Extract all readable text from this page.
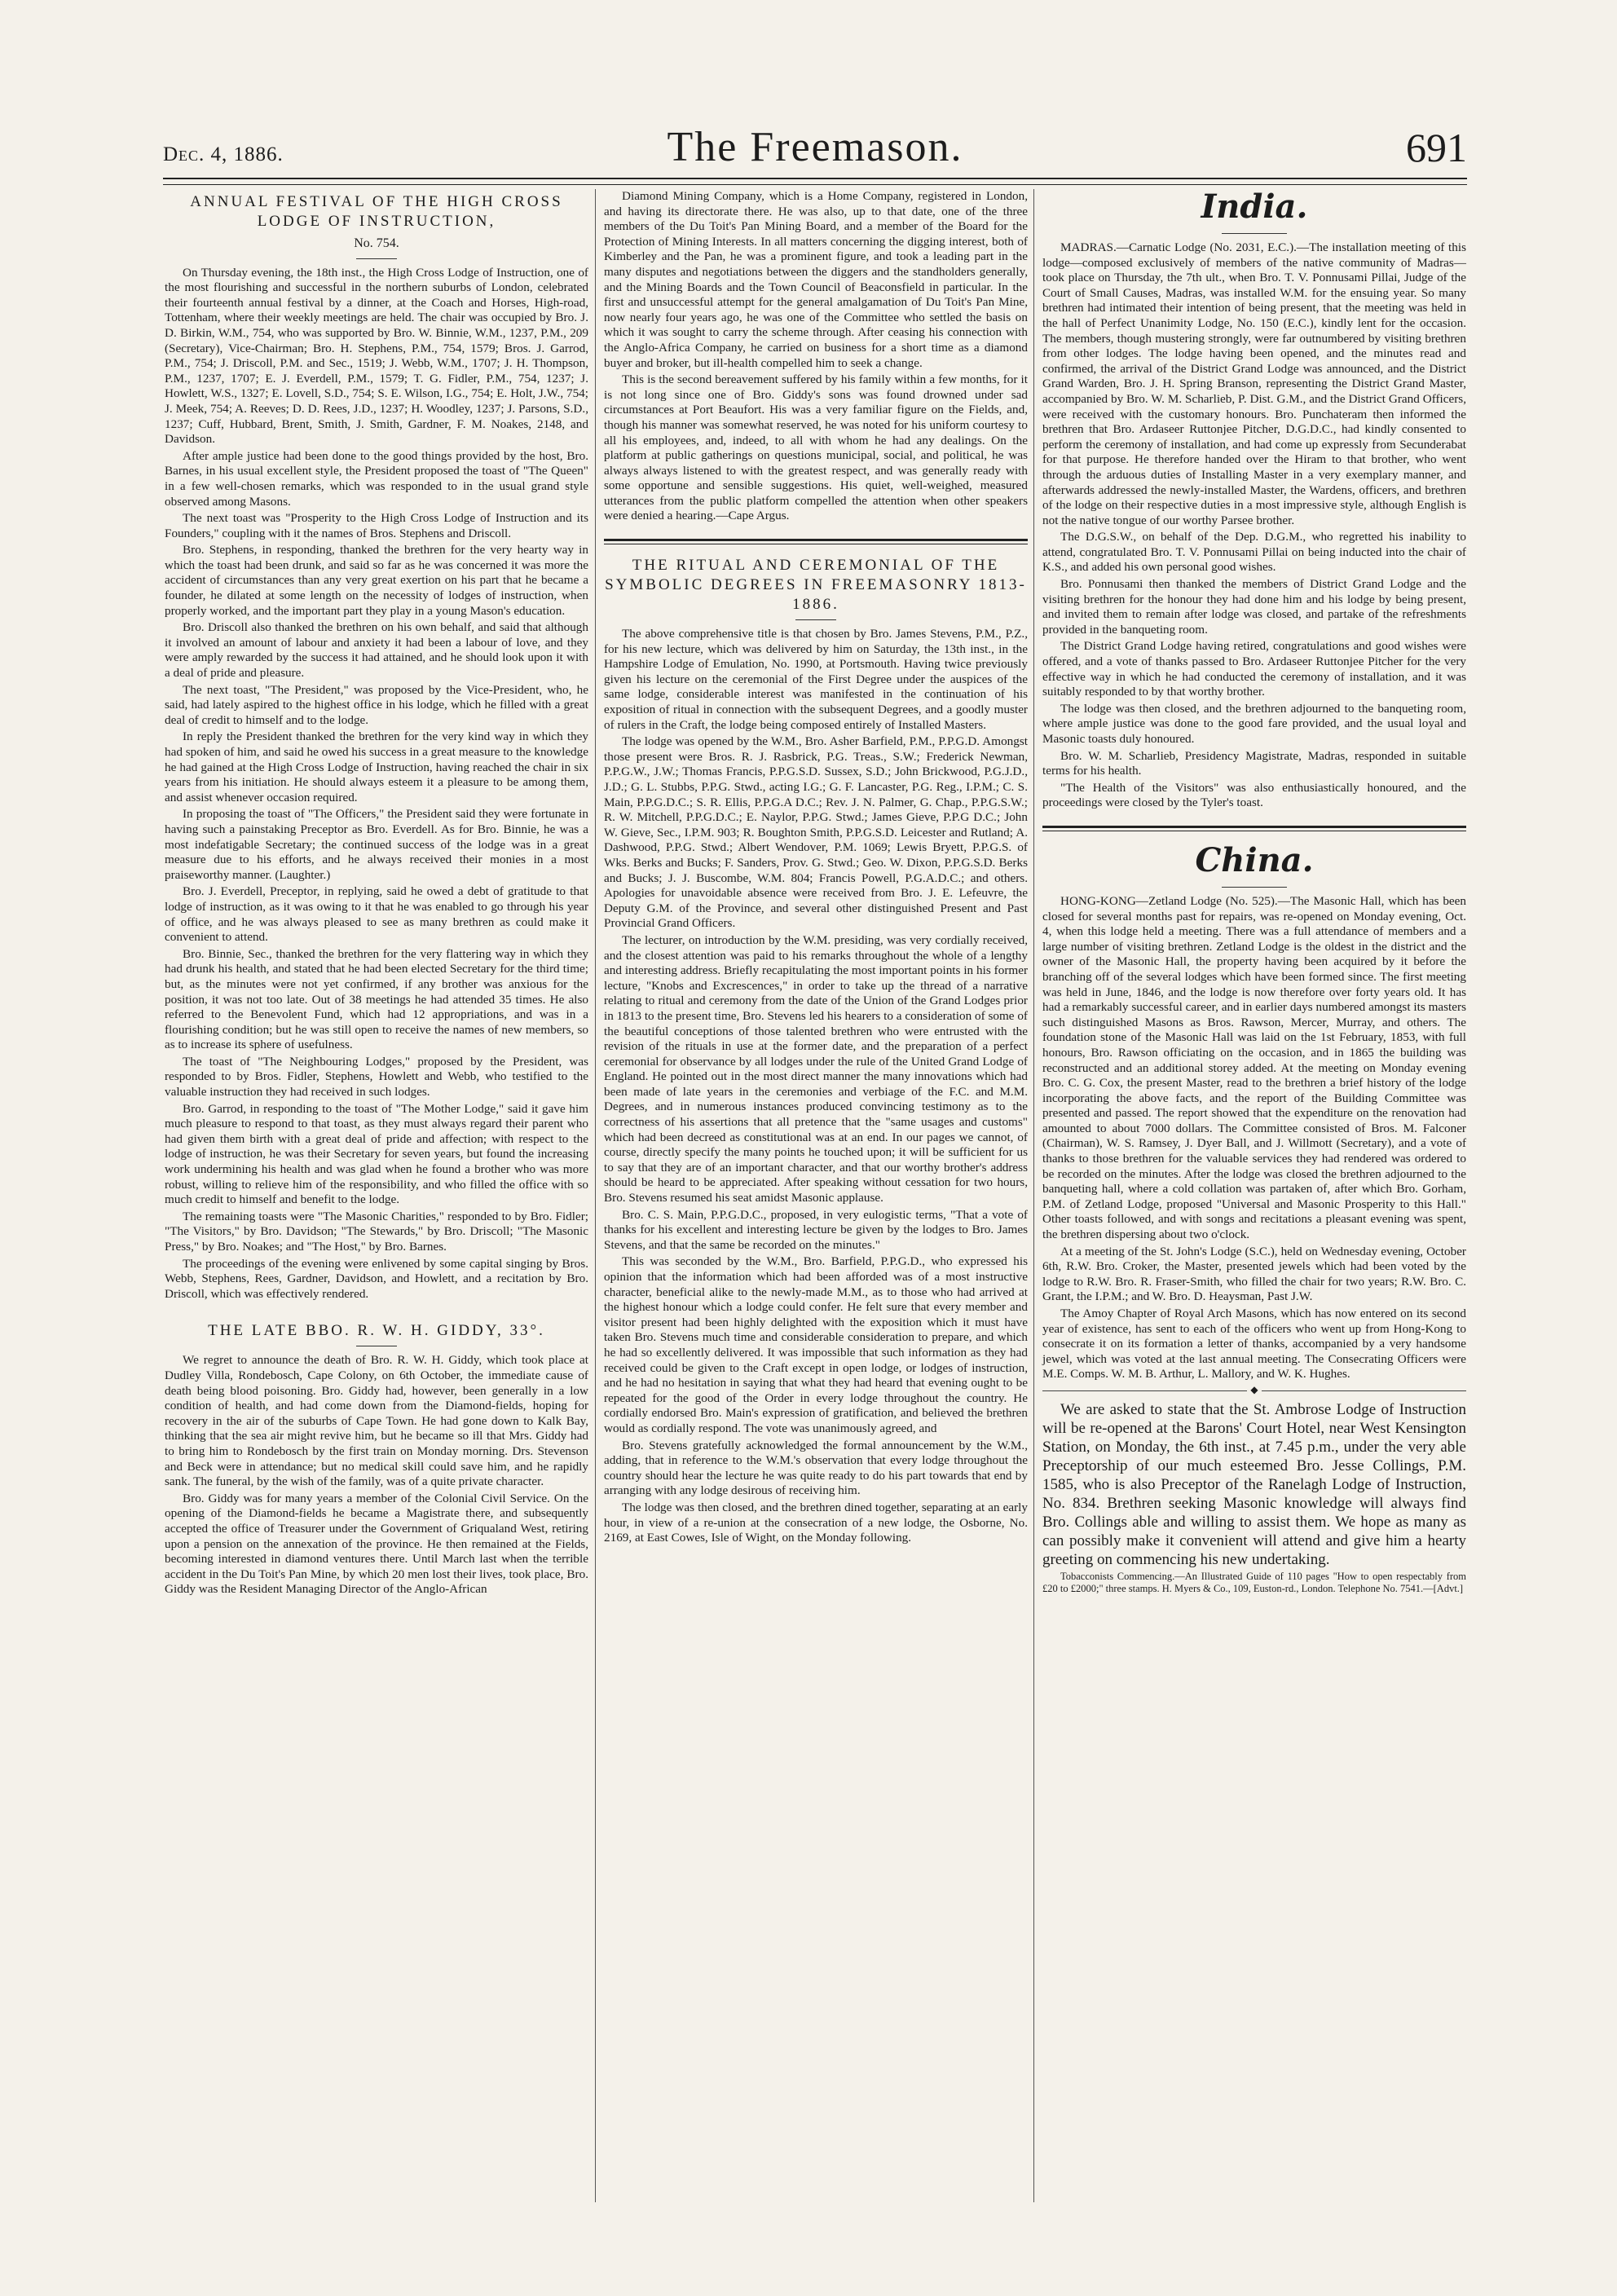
Dec. 4, 1886.	The Freemason.	691
ANNUAL FESTIVAL OF THE HIGH CROSS LODGE OF INSTRUCTION,
No. 754.

On Thursday evening, the 18th inst., the High Cross Lodge of Instruction, one of the most flourishing and successful in the northern suburbs of London, celebrated their fourteenth annual festival by a dinner, at the Coach and Horses, High-road, Tottenham, where their weekly meetings are held. The chair was occupied by Bro. J. D. Birkin, W.M., 754, who was supported by Bro. W. Binnie, W.M., 1237, P.M., 209 (Secretary), Vice-Chairman; Bro. H. Stephens, P.M., 754, 1579; Bros. J. Garrod, P.M., 754; J. Driscoll, P.M. and Sec., 1519; J. Webb, W.M., 1707; J. H. Thompson, P.M., 1237, 1707; E. J. Everdell, P.M., 1579; T. G. Fidler, P.M., 754, 1237; J. Howlett, W.S., 1327; E. Lovell, S.D., 754; S. E. Wilson, I.G., 754; E. Holt, J.W., 754; J. Meek, 754; A. Reeves; D. D. Rees, J.D., 1237; H. Woodley, 1237; J. Parsons, S.D., 1237; Cuff, Hubbard, Brent, Smith, J. Smith, Gardner, F. M. Noakes, 2148, and Davidson.

After ample justice had been done to the good things provided by the host, Bro. Barnes, in his usual excellent style, the President proposed the toast of "The Queen" in a few well-chosen remarks, which was responded to in the usual grand style observed among Masons.

The next toast was "Prosperity to the High Cross Lodge of Instruction and its Founders," coupling with it the names of Bros. Stephens and Driscoll.

Bro. Stephens, in responding, thanked the brethren for the very hearty way in which the toast had been drunk, and said so far as he was concerned it was more the accident of circumstances than any very great exertion on his part that he became a founder, he dilated at some length on the necessity of lodges of instruction, when properly worked, and the important part they play in a young Mason's education.

Bro. Driscoll also thanked the brethren on his own behalf, and said that although it involved an amount of labour and anxiety it had been a labour of love, and they were amply rewarded by the success it had attained, and he should look upon it with a deal of pride and pleasure.

The next toast, "The President," was proposed by the Vice-President, who, he said, had lately aspired to the highest office in his lodge, which he filled with a great deal of credit to himself and to the lodge.

In reply the President thanked the brethren for the very kind way in which they had spoken of him, and said he owed his success in a great measure to the knowledge he had gained at the High Cross Lodge of Instruction, having reached the chair in six years from his initiation. He should always esteem it a pleasure to be among them, and assist whenever occasion required.

In proposing the toast of "The Officers," the President said they were fortunate in having such a painstaking Preceptor as Bro. Everdell. As for Bro. Binnie, he was a most indefatigable Secretary; the continued success of the lodge was in a great measure due to his efforts, and he always received their monies in a most praiseworthy manner. (Laughter.)

Bro. J. Everdell, Preceptor, in replying, said he owed a debt of gratitude to that lodge of instruction, as it was owing to it that he was enabled to go through his year of office, and he was always pleased to see as many brethren as could make it convenient to attend.

Bro. Binnie, Sec., thanked the brethren for the very flattering way in which they had drunk his health, and stated that he had been elected Secretary for the third time; but, as the minutes were not yet confirmed, if any brother was anxious for the position, it was not too late. Out of 38 meetings he had attended 35 times. He also referred to the Benevolent Fund, which had 12 appropriations, and was in a flourishing condition; but he was still open to receive the names of new members, so as to increase its sphere of usefulness.

The toast of "The Neighbouring Lodges," proposed by the President, was responded to by Bros. Fidler, Stephens, Howlett and Webb, who testified to the valuable instruction they had received in such lodges.

Bro. Garrod, in responding to the toast of "The Mother Lodge," said it gave him much pleasure to respond to that toast, as they must always regard their parent who had given them birth with a great deal of pride and affection; with respect to the lodge of instruction, he was their Secretary for seven years, but found the increasing work undermining his health and was glad when he found a brother who was more robust, willing to relieve him of the responsibility, and who filled the office with so much credit to himself and benefit to the lodge.

The remaining toasts were "The Masonic Charities," responded to by Bro. Fidler; "The Visitors," by Bro. Davidson; "The Stewards," by Bro. Driscoll; "The Masonic Press," by Bro. Noakes; and "The Host," by Bro. Barnes.

The proceedings of the evening were enlivened by some capital singing by Bros. Webb, Stephens, Rees, Gardner, Davidson, and Howlett, and a recitation by Bro. Driscoll, which was effectively rendered.

THE LATE BBO. R. W. H. GIDDY, 33°.

We regret to announce the death of Bro. R. W. H. Giddy, which took place at Dudley Villa, Rondebosch, Cape Colony, on 6th October, the immediate cause of death being blood poisoning. Bro. Giddy had, however, been generally in a low condition of health, and had come down from the Diamond-fields, hoping for recovery in the air of the suburbs of Cape Town. He had gone down to Kalk Bay, thinking that the sea air might revive him, but he became so ill that Mrs. Giddy had to bring him to Rondebosch by the first train on Monday morning. Drs. Stevenson and Beck were in attendance; but no medical skill could save him, and he rapidly sank. The funeral, by the wish of the family, was of a quite private character.

Bro. Giddy was for many years a member of the Colonial Civil Service. On the opening of the Diamond-fields he became a Magistrate there, and subsequently accepted the office of Treasurer under the Government of Griqualand West, retiring upon a pension on the annexation of the province. He then remained at the Fields, becoming interested in diamond ventures there. Until March last when the terrible accident in the Du Toit's Pan Mine, by which 20 men lost their lives, took place, Bro. Giddy was the Resident Managing Director of the Anglo-African

Diamond Mining Company, which is a Home Company, registered in London, and having its directorate there. He was also, up to that date, one of the three members of the Du Toit's Pan Mining Board, and a member of the Board for the Protection of Mining Interests. In all matters concerning the digging interest, both of Kimberley and the Pan, he was a prominent figure, and took a leading part in the many disputes and negotiations between the diggers and the standholders generally, and the Mining Boards and the Town Council of Beaconsfield in particular. In the first and unsuccessful attempt for the general amalgamation of Du Toit's Pan Mine, now nearly four years ago, he was one of the Committee who settled the basis on which it was sought to carry the scheme through. After ceasing his connection with the Anglo-Africa Company, he carried on business for a short time as a diamond buyer and broker, but ill-health compelled him to seek a change.

This is the second bereavement suffered by his family within a few months, for it is not long since one of Bro. Giddy's sons was found drowned under sad circumstances at Port Beaufort. His was a very familiar figure on the Fields, and, though his manner was somewhat reserved, he was noted for his uniform courtesy to all his employees, and, indeed, to all with whom he had any dealings. On the platform at public gatherings on questions municipal, social, and political, he was always always listened to with the greatest respect, and was generally ready with some opportune and sensible suggestions. His quiet, well-weighed, measured utterances from the public platform compelled the attention when other speakers were denied a hearing.—Cape Argus.

THE RITUAL AND CEREMONIAL OF THE SYMBOLIC DEGREES IN FREEMASONRY 1813-1886.

The above comprehensive title is that chosen by Bro. James Stevens, P.M., P.Z., for his new lecture, which was delivered by him on Saturday, the 13th inst., in the Hampshire Lodge of Emulation, No. 1990, at Portsmouth. Having twice previously given his lecture on the ceremonial of the First Degree under the auspices of the same lodge, considerable interest was manifested in the continuation of his exposition of ritual in connection with the subsequent Degrees, and a goodly muster of rulers in the Craft, the lodge being composed entirely of Installed Masters.

The lodge was opened by the W.M., Bro. Asher Barfield, P.M., P.P.G.D. Amongst those present were Bros. R. J. Rasbrick, P.G. Treas., S.W.; Frederick Newman, P.P.G.W., J.W.; Thomas Francis, P.P.G.S.D. Sussex, S.D.; John Brickwood, P.G.J.D., J.D.; G. L. Stubbs, P.P.G. Stwd., acting I.G.; G. F. Lancaster, P.G. Reg., I.P.M.; C. S. Main, P.P.G.D.C.; S. R. Ellis, P.P.G.A D.C.; Rev. J. N. Palmer, G. Chap., P.P.G.S.W.; R. W. Mitchell, P.P.G.D.C.; E. Naylor, P.P.G. Stwd.; James Gieve, P.P.G D.C.; John W. Gieve, Sec., I.P.M. 903; R. Boughton Smith, P.P.G.S.D. Leicester and Rutland; A. Dashwood, P.P.G. Stwd.; Albert Wendover, P.M. 1069; Lewis Bryett, P.P.G.S. of Wks. Berks and Bucks; F. Sanders, Prov. G. Stwd.; Geo. W. Dixon, P.P.G.S.D. Berks and Bucks; J. J. Buscombe, W.M. 804; Francis Powell, P.G.A.D.C.; and others. Apologies for unavoidable absence were received from Bro. J. E. Lefeuvre, the Deputy G.M. of the Province, and several other distinguished Present and Past Provincial Grand Officers.

The lecturer, on introduction by the W.M. presiding, was very cordially received, and the closest attention was paid to his remarks throughout the whole of a lengthy and interesting address. Briefly recapitulating the most important points in his former lecture, "Knobs and Excrescences," in order to take up the thread of a narrative relating to ritual and ceremony from the date of the Union of the Grand Lodges prior in 1813 to the present time, Bro. Stevens led his hearers to a consideration of some of the beautiful conceptions of those talented brethren who were entrusted with the revision of the rituals in use at the former date, and the preparation of a perfect ceremonial for observance by all lodges under the rule of the United Grand Lodge of England. He pointed out in the most direct manner the many innovations which had been made of late years in the ceremonies and verbiage of the F.C. and M.M. Degrees, and in numerous instances produced convincing testimony as to the correctness of his assertions that all pretence that the "same usages and customs" which had been decreed as constitutional was at an end. In our pages we cannot, of course, directly specify the many points he touched upon; it will be sufficient for us to say that they are of an important character, and that our worthy brother's address should be heard to be appreciated. After speaking without cessation for two hours, Bro. Stevens resumed his seat amidst Masonic applause.

Bro. C. S. Main, P.P.G.D.C., proposed, in very eulogistic terms, "That a vote of thanks for his excellent and interesting lecture be given by the lodges to Bro. James Stevens, and that the same be recorded on the minutes."

This was seconded by the W.M., Bro. Barfield, P.P.G.D., who expressed his opinion that the information which had been afforded was of a most instructive character, beneficial alike to the newly-made M.M., as to those who had arrived at the highest honour which a lodge could confer. He felt sure that every member and visitor present had been highly delighted with the exposition which it must have taken Bro. Stevens much time and considerable consideration to prepare, and which he had so excellently delivered. It was impossible that such information as they had received could be given to the Craft except in open lodge, or lodges of instruction, and he had no hesitation in saying that what they had heard that evening ought to be repeated for the good of the Order in every lodge throughout the country. He cordially endorsed Bro. Main's expression of gratification, and believed the brethren would as cordially respond. The vote was unanimously agreed, and

Bro. Stevens gratefully acknowledged the formal announcement by the W.M., adding, that in reference to the W.M.'s observation that every lodge throughout the country should hear the lecture he was quite ready to do his part towards that end by arranging with any lodge desirous of receiving him.

The lodge was then closed, and the brethren dined together, separating at an early hour, in view of a re-union at the consecration of a new lodge, the Osborne, No. 2169, at East Cowes, Isle of Wight, on the Monday following.

India.

MADRAS.—Carnatic Lodge (No. 2031, E.C.).—The installation meeting of this lodge—composed exclusively of members of the native community of Madras—took place on Thursday, the 7th ult., when Bro. T. V. Ponnusami Pillai, Judge of the Court of Small Causes, Madras, was installed W.M. for the ensuing year. So many brethren had intimated their intention of being present, that the meeting was held in the hall of Perfect Unanimity Lodge, No. 150 (E.C.), kindly lent for the occasion. The members, though mustering strongly, were far outnumbered by visiting brethren from other lodges. The lodge having been opened, and the minutes read and confirmed, the arrival of the District Grand Lodge was announced, and the District Grand Warden, Bro. J. H. Spring Branson, representing the District Grand Master, accompanied by Bro. W. M. Scharlieb, P. Dist. G.M., and the District Grand Officers, were received with the customary honours. Bro. Punchateram then informed the brethren that Bro. Ardaseer Ruttonjee Pitcher, D.G.D.C., had kindly consented to perform the ceremony of installation, and had come up expressly from Secunderabat for that purpose. He therefore handed over the Hiram to that brother, who went through the arduous duties of Installing Master in a very exemplary manner, and afterwards addressed the newly-installed Master, the Wardens, officers, and brethren of the lodge on their respective duties in a most impressive style, although English is not the native tongue of our worthy Parsee brother.

The D.G.S.W., on behalf of the Dep. D.G.M., who regretted his inability to attend, congratulated Bro. T. V. Ponnusami Pillai on being inducted into the chair of K.S., and added his own personal good wishes.

Bro. Ponnusami then thanked the members of District Grand Lodge and the visiting brethren for the honour they had done him and his lodge by being present, and invited them to remain after lodge was closed, and partake of the refreshments provided in the banqueting room.

The District Grand Lodge having retired, congratulations and good wishes were offered, and a vote of thanks passed to Bro. Ardaseer Ruttonjee Pitcher for the very effective way in which he had conducted the ceremony of installation, and it was suitably responded to by that worthy brother.

The lodge was then closed, and the brethren adjourned to the banqueting room, where ample justice was done to the good fare provided, and the usual loyal and Masonic toasts duly honoured.

Bro. W. M. Scharlieb, Presidency Magistrate, Madras, responded in suitable terms for his health.

"The Health of the Visitors" was also enthusiastically honoured, and the proceedings were closed by the Tyler's toast.

China.

HONG-KONG—Zetland Lodge (No. 525).—The Masonic Hall, which has been closed for several months past for repairs, was re-opened on Monday evening, Oct. 4, when this lodge held a meeting. There was a full attendance of members and a large number of visiting brethren. Zetland Lodge is the oldest in the district and the owner of the Masonic Hall, the property having been acquired by it before the branching off of the several lodges which have been formed since. The first meeting was held in June, 1846, and the lodge is now therefore over forty years old. It has had a remarkably successful career, and in earlier days numbered amongst its masters such distinguished Masons as Bros. Rawson, Mercer, Murray, and others. The foundation stone of the Masonic Hall was laid on the 1st February, 1853, with full honours, Bro. Rawson officiating on the occasion, and in 1865 the building was reconstructed and an additional storey added. At the meeting on Monday evening Bro. C. G. Cox, the present Master, read to the brethren a brief history of the lodge incorporating the above facts, and the report of the Building Committee was presented and passed. The report showed that the expenditure on the renovation had amounted to about 7000 dollars. The Committee consisted of Bros. M. Falconer (Chairman), W. S. Ramsey, J. Dyer Ball, and J. Willmott (Secretary), and a vote of thanks to those brethren for the valuable services they had rendered was ordered to be recorded on the minutes. After the lodge was closed the brethren adjourned to the banqueting hall, where a cold collation was partaken of, after which Bro. Gorham, P.M. of Zetland Lodge, proposed "Universal and Masonic Prosperity to this Hall." Other toasts followed, and with songs and recitations a pleasant evening was spent, the brethren dispersing about two o'clock.

At a meeting of the St. John's Lodge (S.C.), held on Wednesday evening, October 6th, R.W. Bro. Croker, the Master, presented jewels which had been voted by the lodge to R.W. Bro. R. Fraser-Smith, who filled the chair for two years; R.W. Bro. C. Grant, the I.P.M.; and W. Bro. D. Heaysman, Past J.W.

The Amoy Chapter of Royal Arch Masons, which has now entered on its second year of existence, has sent to each of the officers who went up from Hong-Kong to consecrate it on its formation a letter of thanks, accompanied by a very handsome jewel, which was voted at the last annual meeting. The Consecrating Officers were M.E. Comps. W. M. B. Arthur, L. Mallory, and W. K. Hughes.

◆

We are asked to state that the St. Ambrose Lodge of Instruction will be re-opened at the Barons' Court Hotel, near West Kensington Station, on Monday, the 6th inst., at 7.45 p.m., under the very able Preceptorship of our much esteemed Bro. Jesse Collings, P.M. 1585, who is also Preceptor of the Ranelagh Lodge of Instruction, No. 834. Brethren seeking Masonic knowledge will always find Bro. Collings able and willing to assist them. We hope as many as can possibly make it convenient will attend and give him a hearty greeting on commencing his new undertaking.

Tobacconists Commencing.—An Illustrated Guide of 110 pages "How to open respectably from £20 to £2000;" three stamps. H. Myers & Co., 109, Euston-rd., London. Telephone No. 7541.—[Advt.]
